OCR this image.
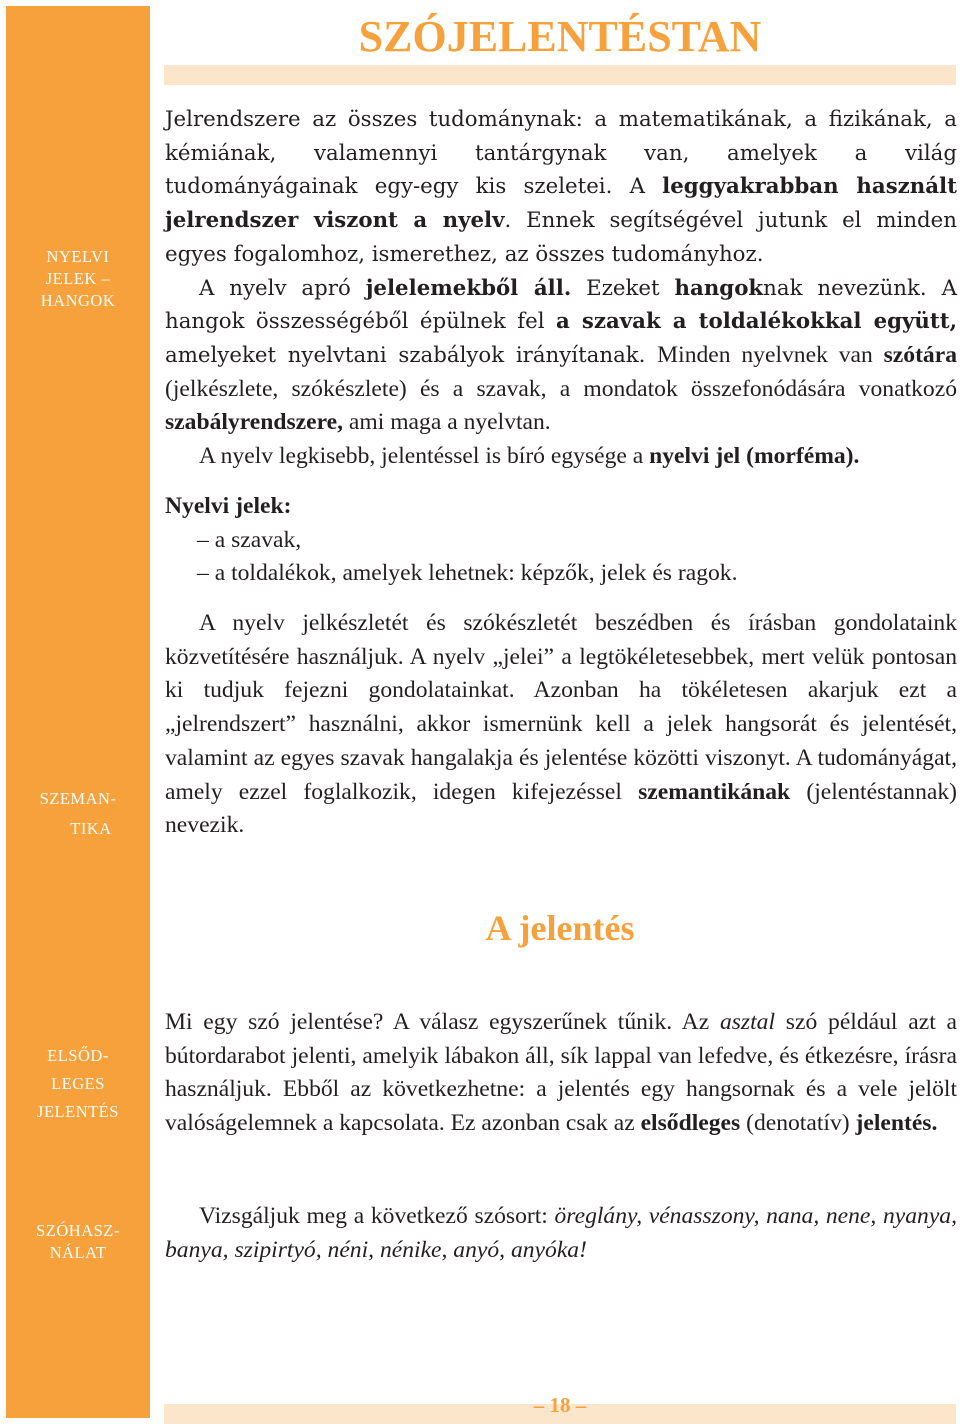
NYELVI
JELEK –
HANGOK
SZEMAN-
TIKA
ELSŐD-
LEGES
JELENTÉS
SZÓHASZ-
NÁLAT
SZÓJELENTÉSTAN

Jelrendszere az összes tudománynak: a matematikának, a fizikának, a kémiának, valamennyi tantárgynak van, amelyek a világ tudományágainak egy-egy kis szeletei. A leggyakrabban használt jelrendszer viszont a nyelv. Ennek segítségével jutunk el minden egyes fogalomhoz, ismerethez, az összes tudományhoz.

A nyelv apró jelelemekből áll. Ezeket hangoknak nevezünk. A hangok összességéből épülnek fel a szavak a toldalékokkal együtt, amelyeket nyelvtani szabályok irányítanak. Minden nyelvnek van szótára (jelkészlete, szókészlete) és a szavak, a mondatok összefonódására vonatkozó szabályrendszere, ami maga a nyelvtan.

A nyelv legkisebb, jelentéssel is bíró egysége a nyelvi jel (morféma).

Nyelvi jelek:

– a szavak,

– a toldalékok, amelyek lehetnek: képzők, jelek és ragok.

A nyelv jelkészletét és szókészletét beszédben és írásban gondolataink közvetítésére használjuk. A nyelv „jelei” a legtökéletesebbek, mert velük pontosan ki tudjuk fejezni gondolatainkat. Azonban ha tökéletesen akarjuk ezt a „jelrendszert” használni, akkor ismernünk kell a jelek hangsorát és jelentését, valamint az egyes szavak hangalakja és jelentése közötti viszonyt. A tudományágat, amely ezzel foglalkozik, idegen kifejezéssel szemantikának (jelentéstannak) nevezik.

A jelentés

Mi egy szó jelentése? A válasz egyszerűnek tűnik. Az asztal szó például azt a bútordarabot jelenti, amelyik lábakon áll, sík lappal van lefedve, és étkezésre, írásra használjuk. Ebből az következhetne: a jelentés egy hangsornak és a vele jelölt valóságelemnek a kapcsolata. Ez azonban csak az elsődleges (denotatív) jelentés.

Vizsgáljuk meg a következő szósort: öreglány, vénasszony, nana, nene, nyanya, banya, szipirtyó, néni, nénike, anyó, anyóka!

– 18 –
